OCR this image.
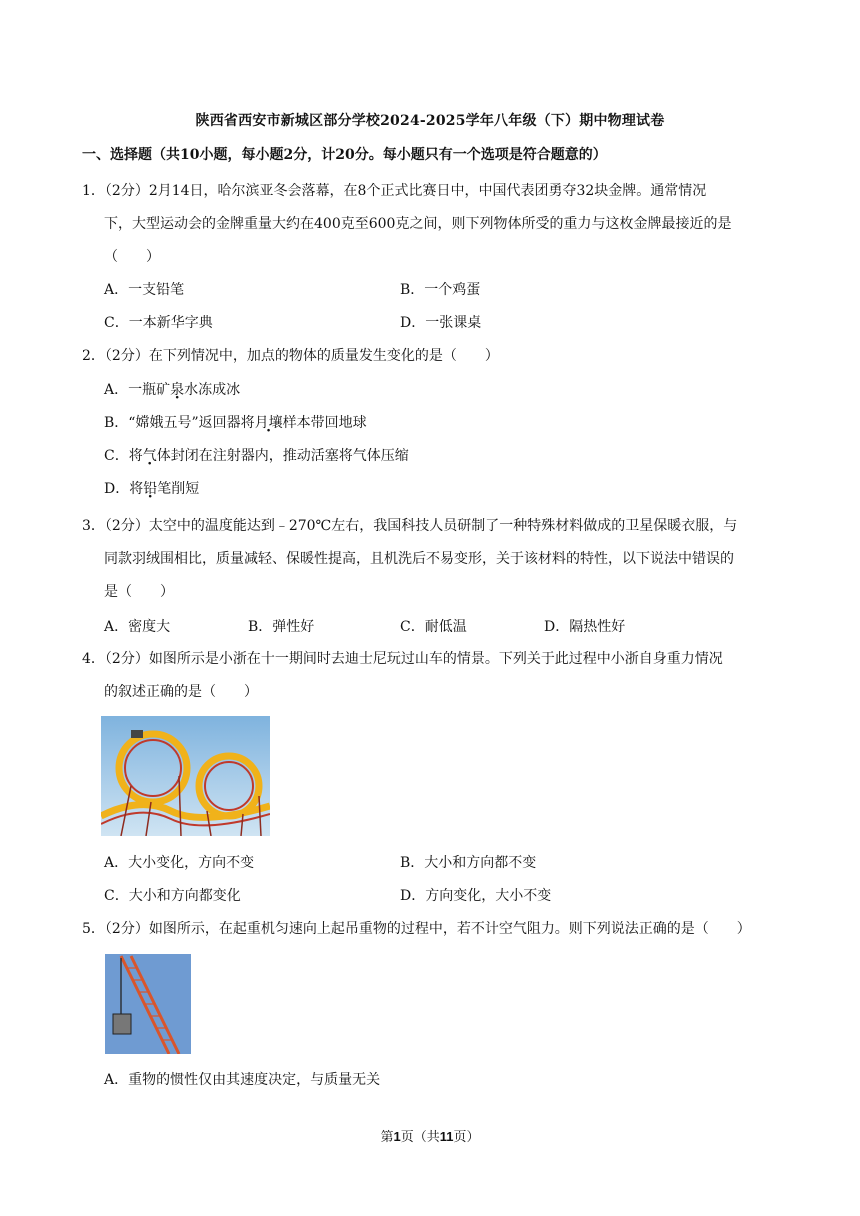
陕西省西安市新城区部分学校2024-2025学年八年级（下）期中物理试卷
一、选择题（共10小题，每小题2分，计20分。每小题只有一个选项是符合题意的）
1．（2分）2月14日，哈尔滨亚冬会落幕，在8个正式比赛日中，中国代表团勇夺32块金牌。通常情况
下，大型运动会的金牌重量大约在400克至600克之间，则下列物体所受的重力与这枚金牌最接近的是
（　　）
A．一支铅笔	B．一个鸡蛋
C．一本新华字典	D．一张课桌
2．（2分）在下列情况中，加点的物体的质量发生变化的是（　　）
A．一瓶矿泉水冻成冰
B．“嫦娥五号”返回器将月壤样本带回地球
C．将气体封闭在注射器内，推动活塞将气体压缩
D．将铅笔削短
3．（2分）太空中的温度能达到﹣270℃左右，我国科技人员研制了一种特殊材料做成的卫星保暖衣服，与
同款羽绒围相比，质量减轻、保暖性提高，且机洗后不易变形，关于该材料的特性，以下说法中错误的
是（　　）
A．密度大	B．弹性好	C．耐低温	D．隔热性好
4．（2分）如图所示是小浙在十一期间时去迪士尼玩过山车的情景。下列关于此过程中小浙自身重力情况
的叙述正确的是（　　）
A．大小变化，方向不变	B．大小和方向都不变
C．大小和方向都变化	D．方向变化，大小不变
5．（2分）如图所示，在起重机匀速向上起吊重物的过程中，若不计空气阻力。则下列说法正确的是（　　）
A．重物的惯性仅由其速度决定，与质量无关
第1页（共11页）
